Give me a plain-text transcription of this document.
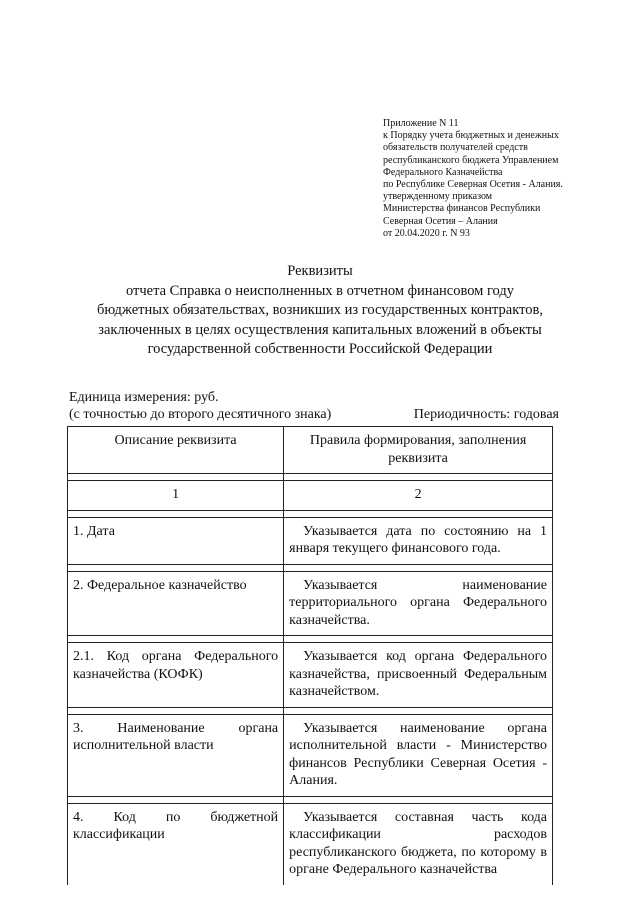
Приложение N 11
к Порядку учета бюджетных и денежных
обязательств получателей средств
республиканского бюджета Управлением
Федерального Казначейства
по Республике Северная Осетия - Алания.
утвержденному приказом
Министерства финансов Республики
Северная Осетия – Алания
от 20.04.2020 г. N 93
Реквизиты
отчета Справка о неисполненных в отчетном финансовом году
бюджетных обязательствах, возникших из государственных контрактов,
заключенных в целях осуществления капитальных вложений в объекты
государственной собственности Российской Федерации
Единица измерения: руб.
(с точностью до второго десятичного знака)	Периодичность: годовая
Описание реквизита	Правила формирования, заполнения реквизита

1	2

1. Дата	Указывается дата по состоянию на 1 января текущего финансового года.

2. Федеральное казначейство	Указывается наименование территориального органа Федерального казначейства.

2.1. Код органа Федерального казначейства (КОФК)	Указывается код органа Федерального казначейства, присвоенный Федеральным казначейством.

3. Наименование органа исполнительной власти	Указывается наименование органа исполнительной власти - Министерство финансов Республики Северная Осетия - Алания.

4. Код по бюджетной классификации	Указывается составная часть кода классификации расходов республиканского бюджета, по которому в органе Федерального казначейства
